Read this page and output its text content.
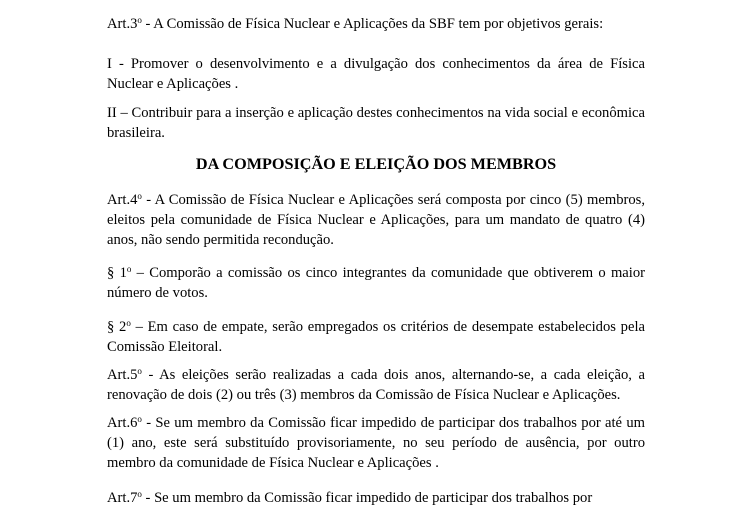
Art.3$^o$ - A Comissão de Física Nuclear e Aplicações da SBF tem por objetivos gerais:

I - Promover o desenvolvimento e a divulgação dos conhecimentos da área de Física Nuclear e Aplicações .

II – Contribuir para a inserção e aplicação destes conhecimentos na vida social e econômica brasileira.

DA COMPOSIÇÃO E ELEIÇÃO DOS MEMBROS

Art.4$^o$ - A Comissão de Física Nuclear e Aplicações será composta por cinco (5) membros, eleitos pela comunidade de Física Nuclear e Aplicações, para um mandato de quatro (4) anos, não sendo permitida recondução.

§ 1$^o$ – Comporão a comissão os cinco integrantes da comunidade que obtiverem o maior número de votos.

§ 2$^o$ – Em caso de empate, serão empregados os critérios de desempate estabelecidos pela Comissão Eleitoral.

Art.5$^o$ - As eleições serão realizadas a cada dois anos, alternando-se, a cada eleição, a renovação de dois (2) ou três (3) membros da Comissão de Física Nuclear e Aplicações.

Art.6$^o$ - Se um membro da Comissão ficar impedido de participar dos trabalhos por até um (1) ano, este será substituído provisoriamente, no seu período de ausência, por outro membro da comunidade de Física Nuclear e Aplicações .

Art.7$^o$ - Se um membro da Comissão ficar impedido de participar dos trabalhos por
